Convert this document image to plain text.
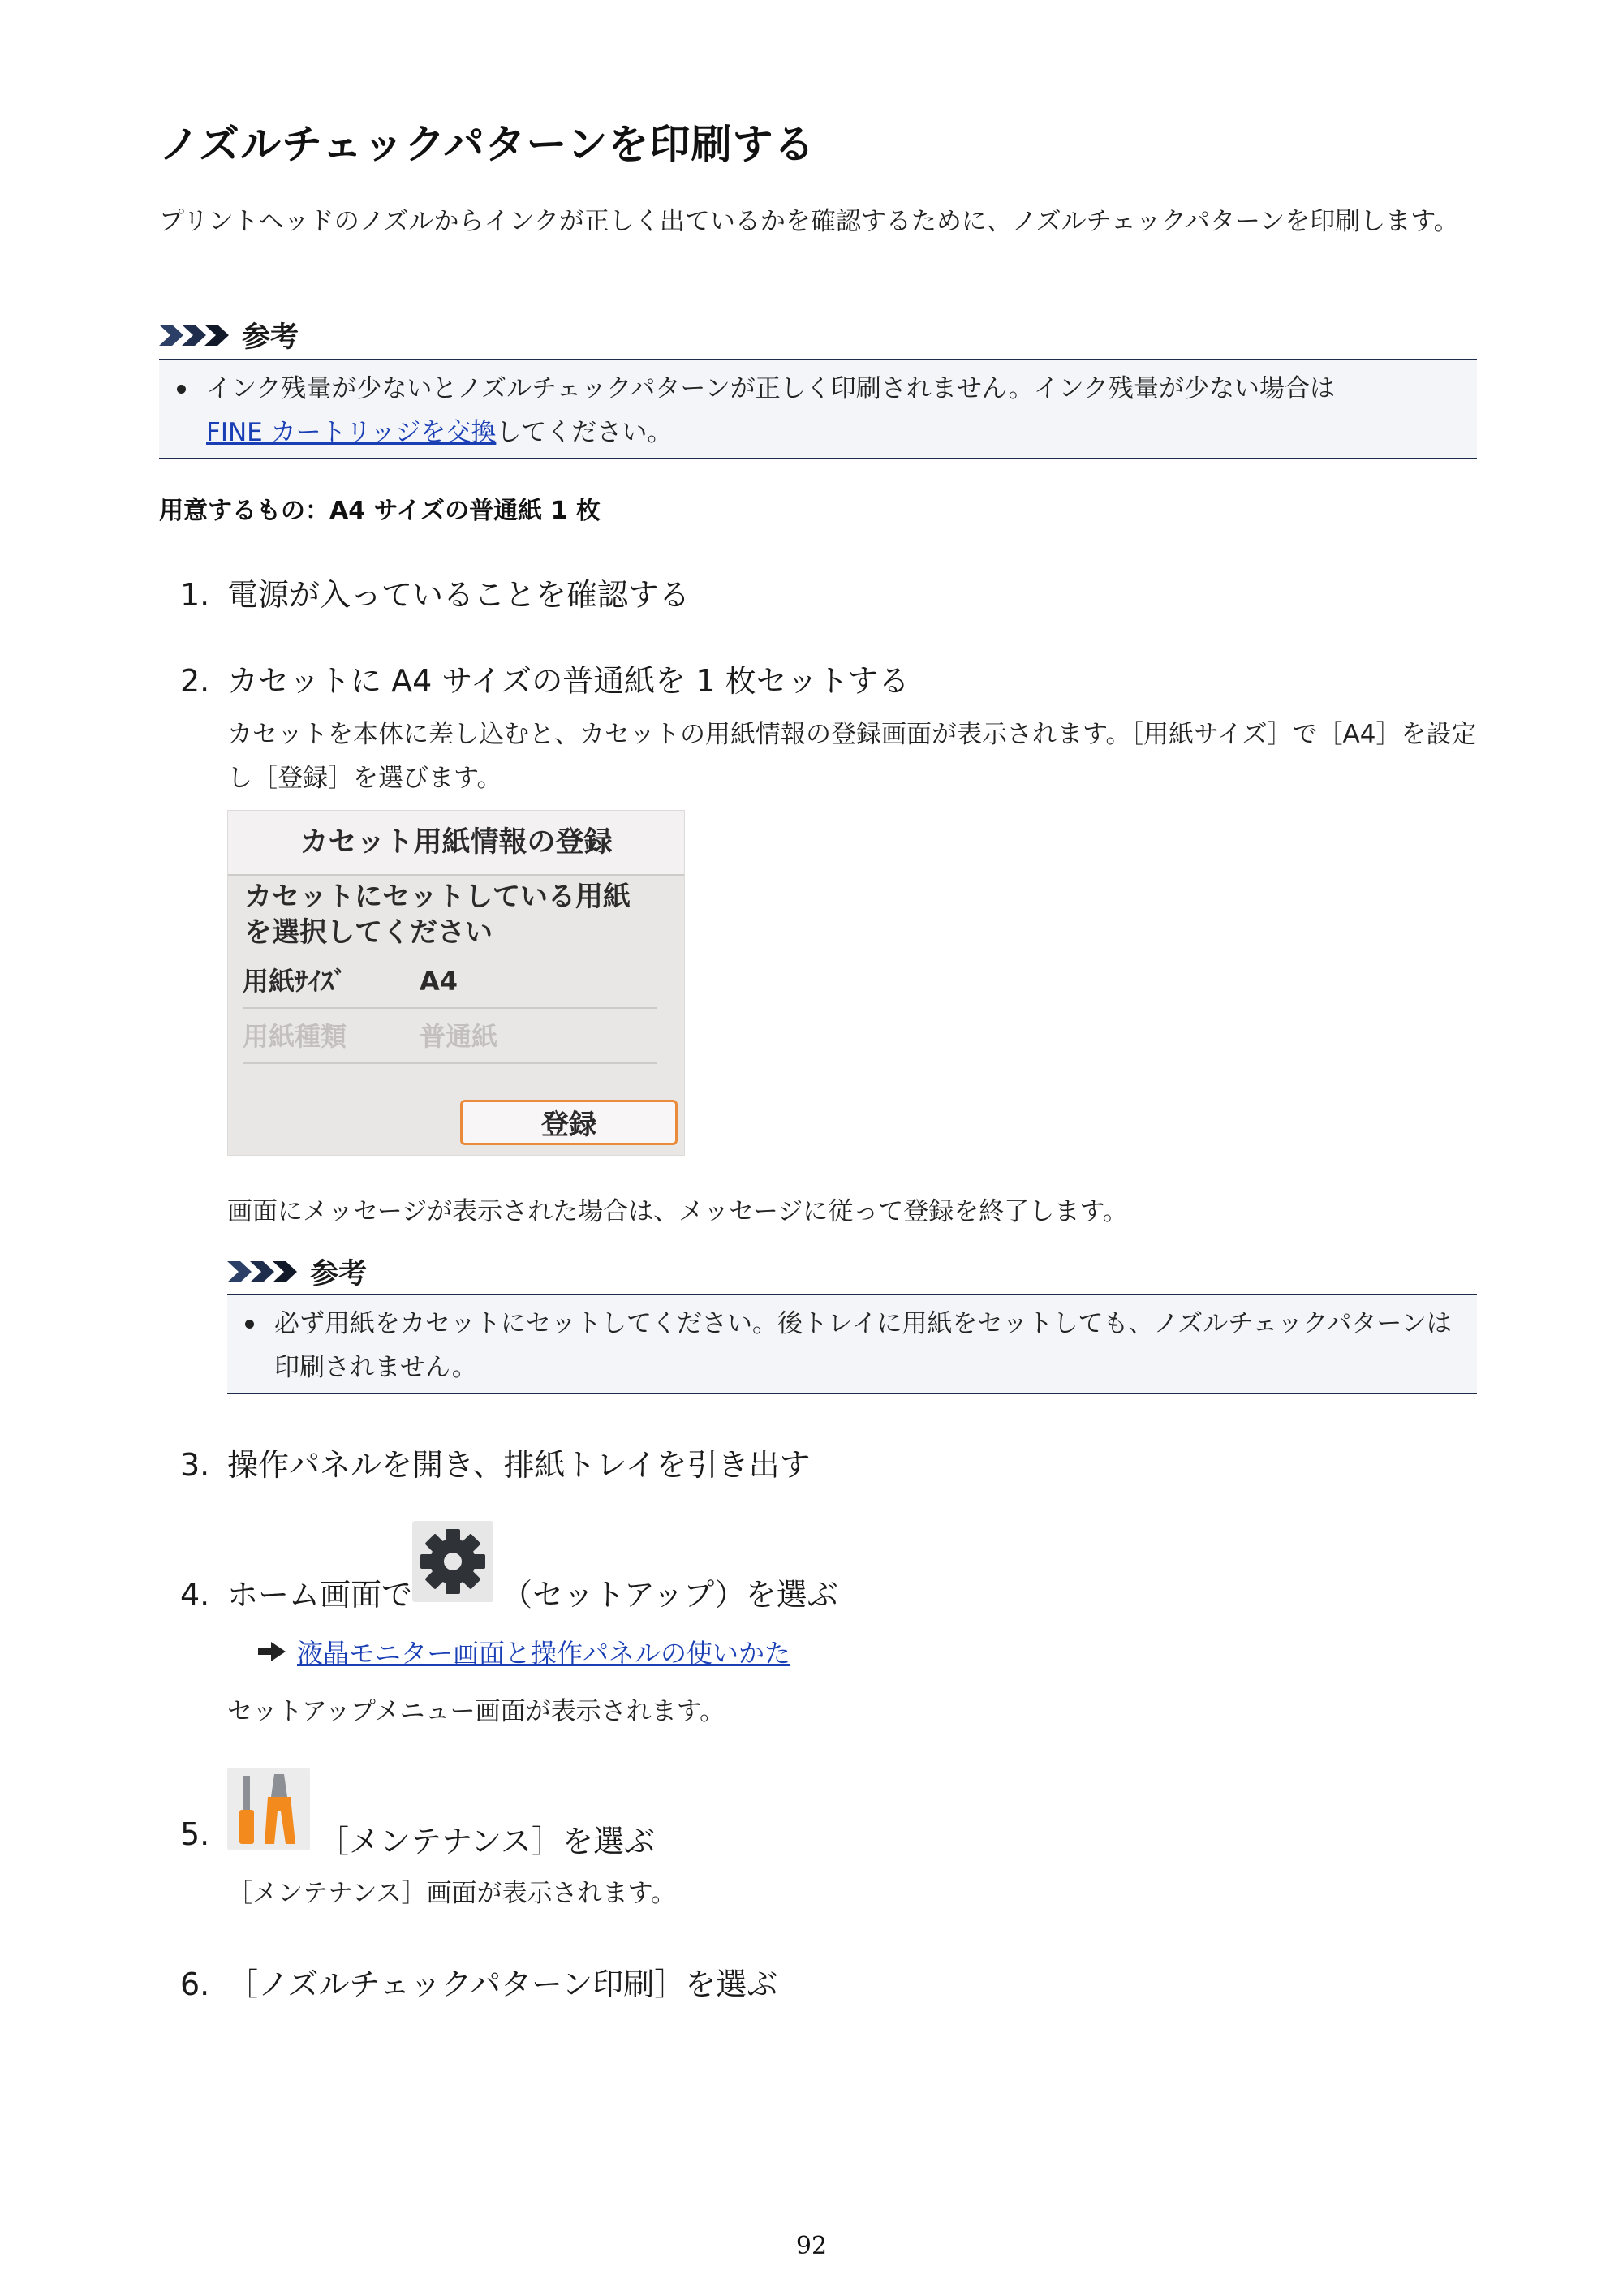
ノズルチェックパターンを印刷する
プリントヘッドのノズルからインクが正しく出ているかを確認するために、ノズルチェックパターンを印刷します。
参考
インク残量が少ないとノズルチェックパターンが正しく印刷されません。インク残量が少ない場合は
FINE カートリッジを交換してください。
用意するもの：A4 サイズの普通紙 1 枚
1. 電源が入っていることを確認する
2. カセットに A4 サイズの普通紙を 1 枚セットする
カセットを本体に差し込むと、カセットの用紙情報の登録画面が表示されます。［用紙サイズ］で［A4］を設定し［登録］を選びます。
カセット用紙情報の登録
カセットにセットしている用紙
を選択してください
用紙ｻｲｽﾞ	A4
用紙種類	普通紙
登録
画面にメッセージが表示された場合は、メッセージに従って登録を終了します。
参考
必ず用紙をカセットにセットしてください。後トレイに用紙をセットしても、ノズルチェックパターンは印刷されません。
3. 操作パネルを開き、排紙トレイを引き出す
4. ホーム画面で	（セットアップ）を選ぶ
液晶モニター画面と操作パネルの使いかた
セットアップメニュー画面が表示されます。
5.	［メンテナンス］を選ぶ
［メンテナンス］画面が表示されます。
6. ［ノズルチェックパターン印刷］を選ぶ
92
